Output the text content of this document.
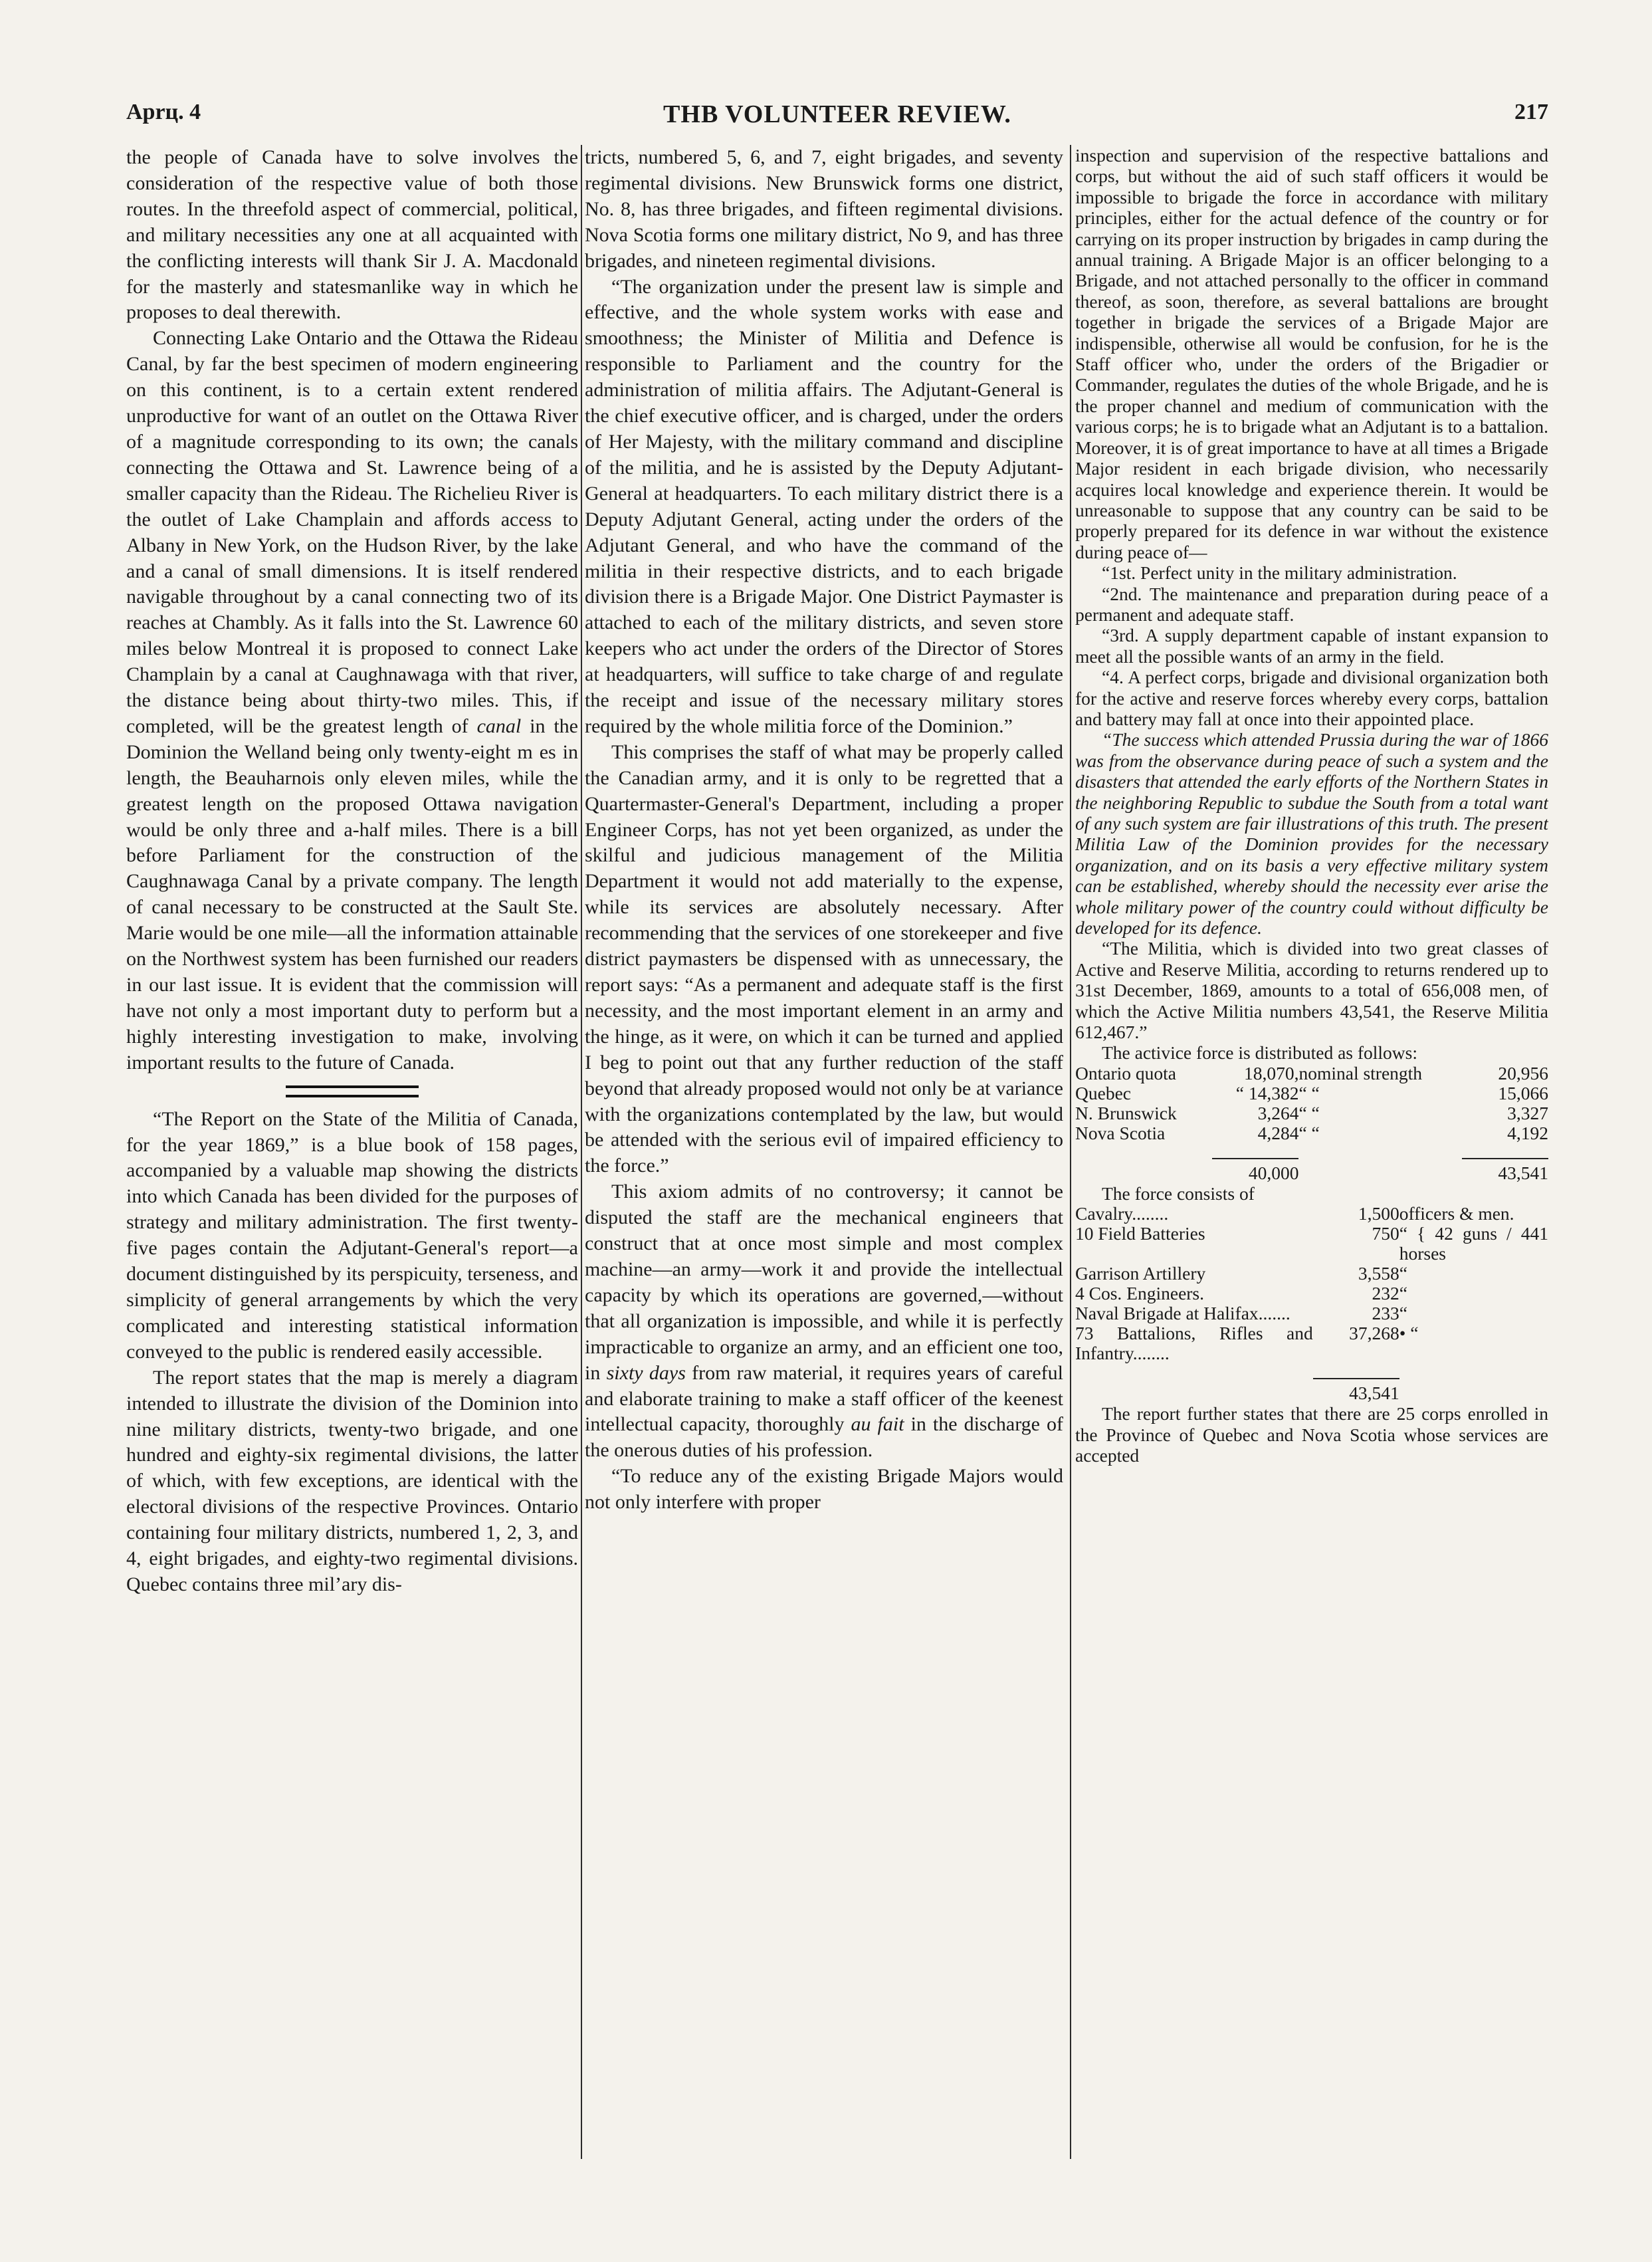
Aprц. 4	THB VOLUNTEER REVIEW.	217

the people of Canada have to solve involves the consideration of the respective value of both those routes. In the threefold aspect of commercial, political, and military necessities any one at all acquainted with the conflicting interests will thank Sir J. A. Macdonald for the masterly and statesmanlike way in which he proposes to deal therewith.

Connecting Lake Ontario and the Ottawa the Rideau Canal, by far the best specimen of modern engineering on this continent, is to a certain extent rendered unproductive for want of an outlet on the Ottawa River of a magnitude corresponding to its own; the canals connecting the Ottawa and St. Lawrence being of a smaller capacity than the Rideau. The Richelieu River is the outlet of Lake Champlain and affords access to Albany in New York, on the Hudson River, by the lake and a canal of small dimensions. It is itself rendered navigable throughout by a canal connecting two of its reaches at Chambly. As it falls into the St. Lawrence 60 miles below Montreal it is proposed to connect Lake Champlain by a canal at Caughnawaga with that river, the distance being about thirty-two miles. This, if completed, will be the greatest length of canal in the Dominion the Welland being only twenty-eight m es in length, the Beauharnois only eleven miles, while the greatest length on the proposed Ottawa navigation would be only three and a-half miles. There is a bill before Parliament for the construction of the Caughnawaga Canal by a private company. The length of canal necessary to be constructed at the Sault Ste. Marie would be one mile—all the information attainable on the Northwest system has been furnished our readers in our last issue. It is evident that the commission will have not only a most important duty to perform but a highly interesting investigation to make, involving important results to the future of Canada.

“The Report on the State of the Militia of Canada, for the year 1869,” is a blue book of 158 pages, accompanied by a valuable map showing the districts into which Canada has been divided for the purposes of strategy and military administration. The first twenty-five pages contain the Adjutant-General's report—a document distinguished by its perspicuity, terseness, and simplicity of general arrangements by which the very complicated and interesting statistical information conveyed to the public is rendered easily accessible.

The report states that the map is merely a diagram intended to illustrate the division of the Dominion into nine military districts, twenty-two brigade, and one hundred and eighty-six regimental divisions, the latter of which, with few exceptions, are identical with the electoral divisions of the respective Provinces. Ontario containing four military districts, numbered 1, 2, 3, and 4, eight brigades, and eighty-two regimental divisions. Quebec contains three mil’ary dis-

tricts, numbered 5, 6, and 7, eight brigades, and seventy regimental divisions. New Brunswick forms one district, No. 8, has three brigades, and fifteen regimental divisions. Nova Scotia forms one military district, No 9, and has three brigades, and nineteen regimental divisions.

“The organization under the present law is simple and effective, and the whole system works with ease and smoothness; the Minister of Militia and Defence is responsible to Parliament and the country for the administration of militia affairs. The Adjutant-General is the chief executive officer, and is charged, under the orders of Her Majesty, with the military command and discipline of the militia, and he is assisted by the Deputy Adjutant-General at headquarters. To each military district there is a Deputy Adjutant General, acting under the orders of the Adjutant General, and who have the command of the militia in their respective districts, and to each brigade division there is a Brigade Major. One District Paymaster is attached to each of the military districts, and seven store keepers who act under the orders of the Director of Stores at headquarters, will suffice to take charge of and regulate the receipt and issue of the necessary military stores required by the whole militia force of the Dominion.”

This comprises the staff of what may be properly called the Canadian army, and it is only to be regretted that a Quartermaster-General's Department, including a proper Engineer Corps, has not yet been organized, as under the skilful and judicious management of the Militia Department it would not add materially to the expense, while its services are absolutely necessary. After recommending that the services of one storekeeper and five district paymasters be dispensed with as unnecessary, the report says: “As a permanent and adequate staff is the first necessity, and the most important element in an army and the hinge, as it were, on which it can be turned and applied I beg to point out that any further reduction of the staff beyond that already proposed would not only be at variance with the organizations contemplated by the law, but would be attended with the serious evil of impaired efficiency to the force.”

This axiom admits of no controversy; it cannot be disputed the staff are the mechanical engineers that construct that at once most simple and most complex machine—an army—work it and provide the intellectual capacity by which its operations are governed,—without that all organization is impossible, and while it is perfectly impracticable to organize an army, and an efficient one too, in sixty days from raw material, it requires years of careful and elaborate training to make a staff officer of the keenest intellectual capacity, thoroughly au fait in the discharge of the onerous duties of his profession.

“To reduce any of the existing Brigade Majors would not only interfere with proper

inspection and supervision of the respective battalions and corps, but without the aid of such staff officers it would be impossible to brigade the force in accordance with military principles, either for the actual defence of the country or for carrying on its proper instruction by brigades in camp during the annual training. A Brigade Major is an officer belonging to a Brigade, and not attached personally to the officer in command thereof, as soon, therefore, as several battalions are brought together in brigade the services of a Brigade Major are indispensible, otherwise all would be confusion, for he is the Staff officer who, under the orders of the Brigadier or Commander, regulates the duties of the whole Brigade, and he is the proper channel and medium of communication with the various corps; he is to brigade what an Adjutant is to a battalion. Moreover, it is of great importance to have at all times a Brigade Major resident in each brigade division, who necessarily acquires local knowledge and experience therein. It would be unreasonable to suppose that any country can be said to be properly prepared for its defence in war without the existence during peace of—

“1st. Perfect unity in the military administration.

“2nd. The maintenance and preparation during peace of a permanent and adequate staff.

“3rd. A supply department capable of instant expansion to meet all the possible wants of an army in the field.

“4. A perfect corps, brigade and divisional organization both for the active and reserve forces whereby every corps, battalion and battery may fall at once into their appointed place.

“The success which attended Prussia during the war of 1866 was from the observance during peace of such a system and the disasters that attended the early efforts of the Northern States in the neighboring Republic to subdue the South from a total want of any such system are fair illustrations of this truth. The present Militia Law of the Dominion provides for the necessary organization, and on its basis a very effective military system can be established, whereby should the necessity ever arise the whole military power of the country could without difficulty be developed for its defence.

“The Militia, which is divided into two great classes of Active and Reserve Militia, according to returns rendered up to 31st December, 1869, amounts to a total of 656,008 men, of which the Active Militia numbers 43,541, the Reserve Militia 612,467.”

The activice force is distributed as follows:

Ontario quota	18,070,	nominal strength	20,956
Quebec	“ 14,382	“ “	15,066
N. Brunswick	3,264	“ “	3,327
Nova Scotia	4,284	“ “	4,192

40,000		43,541

The force consists of

Cavalry........	1,500	officers & men.
10 Field Batteries	750	“ { 42 guns / 441 horses
Garrison Artillery	3,558	“
4 Cos. Engineers.	232	“
Naval Brigade at Halifax.......	233	“
73 Battalions, Rifles and Infantry........	37,268	• “

43,541	

The report further states that there are 25 corps enrolled in the Province of Quebec and Nova Scotia whose services are accepted
